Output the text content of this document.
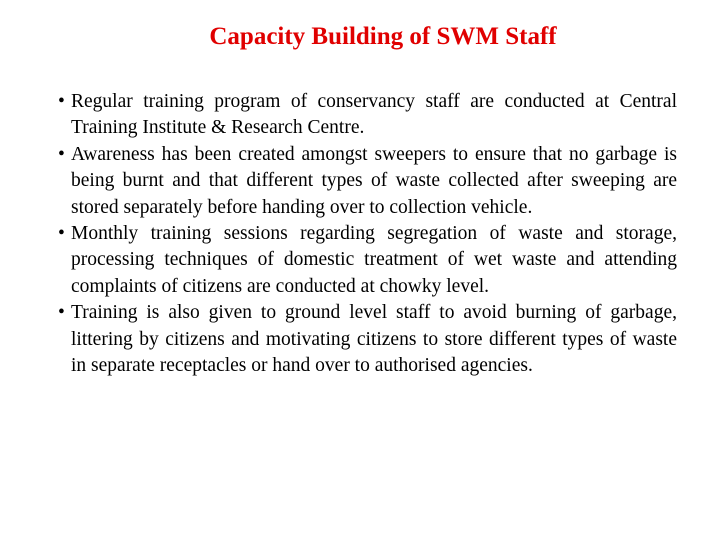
Capacity Building of SWM Staff
• Regular training program of conservancy staff are conducted at Central Training Institute & Research Centre.
• Awareness has been created amongst sweepers to ensure that no garbage is being burnt and that different types of waste collected after sweeping are stored separately before handing over to collection vehicle.
• Monthly training sessions regarding segregation of waste and storage, processing techniques of domestic treatment of wet waste and attending complaints of citizens are conducted at chowky level.
• Training is also given to ground level staff to avoid burning of garbage, littering by citizens and motivating citizens to store different types of waste in separate receptacles or hand over to authorised agencies.
